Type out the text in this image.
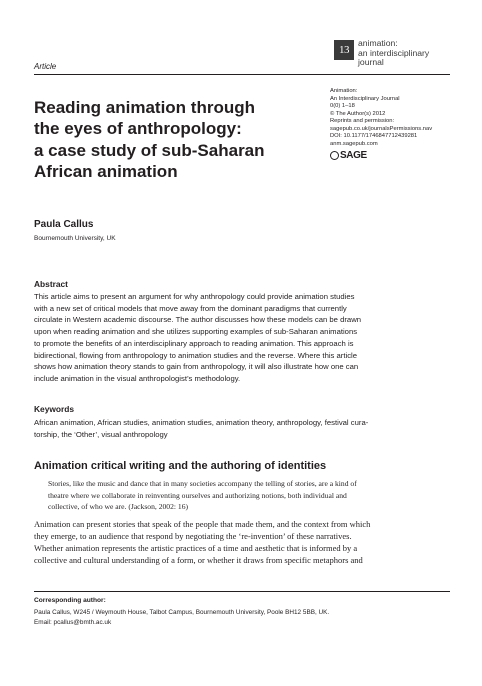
Article
13
animation:
an interdisciplinary
journal
Reading animation through
the eyes of anthropology:
a case study of sub-Saharan
African animation
Animation:
An Interdisciplinary Journal
0(0) 1–18
© The Author(s) 2012
Reprints and permission:
sagepub.co.uk/journalsPermissions.nav
DOI: 10.1177/1746847712439281
anm.sagepub.com
SAGE
Paula Callus
Bournemouth University, UK
Abstract
This article aims to present an argument for why anthropology could provide animation studies
with a new set of critical models that move away from the dominant paradigms that currently
circulate in Western academic discourse. The author discusses how these models can be drawn
upon when reading animation and she utilizes supporting examples of sub-Saharan animations
to promote the benefits of an interdisciplinary approach to reading animation. This approach is
bidirectional, flowing from anthropology to animation studies and the reverse. Where this article
shows how animation theory stands to gain from anthropology, it will also illustrate how one can
include animation in the visual anthropologist’s methodology.
Keywords
African animation, African studies, animation studies, animation theory, anthropology, festival cura-
torship, the ‘Other’, visual anthropology
Animation critical writing and the authoring of identities
Stories, like the music and dance that in many societies accompany the telling of stories, are a kind of
theatre where we collaborate in reinventing ourselves and authorizing notions, both individual and
collective, of who we are. (Jackson, 2002: 16)
Animation can present stories that speak of the people that made them, and the context from which
they emerge, to an audience that respond by negotiating the ‘re-invention’ of these narratives.
Whether animation represents the artistic practices of a time and aesthetic that is informed by a
collective and cultural understanding of a form, or whether it draws from specific metaphors and
Corresponding author:
Paula Callus, W245 / Weymouth House, Talbot Campus, Bournemouth University, Poole BH12 5BB, UK.
Email: pcallus@bmth.ac.uk
